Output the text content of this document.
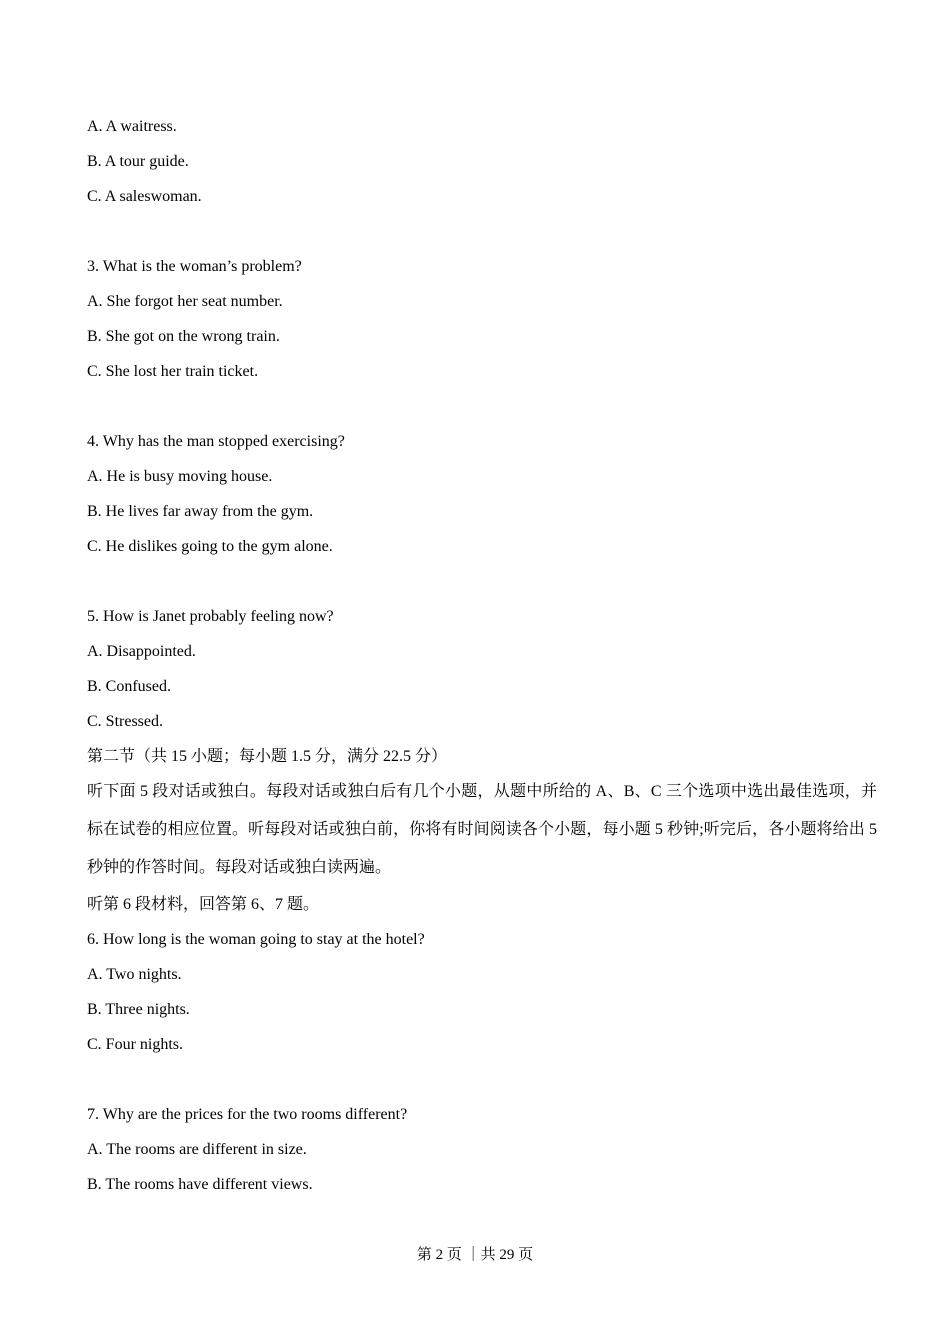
A. A waitress.
B. A tour guide.
C. A saleswoman.
3. What is the woman’s problem?
A. She forgot her seat number.
B. She got on the wrong train.
C. She lost her train ticket.
4. Why has the man stopped exercising?
A. He is busy moving house.
B. He lives far away from the gym.
C. He dislikes going to the gym alone.
5. How is Janet probably feeling now?
A. Disappointed.
B. Confused.
C. Stressed.
第二节（共 15 小题；每小题 1.5 分，满分 22.5 分）
听下面 5 段对话或独白。每段对话或独白后有几个小题，从题中所给的 A、B、C 三个选项中选出最佳选项，并标在试卷的相应位置。听每段对话或独白前，你将有时间阅读各个小题，每小题 5 秒钟;听完后，各小题将给出 5 秒钟的作答时间。每段对话或独白读两遍。
听第 6 段材料，回答第 6、7 题。
6. How long is the woman going to stay at the hotel?
A. Two nights.
B. Three nights.
C. Four nights.
7. Why are the prices for the two rooms different?
A. The rooms are different in size.
B. The rooms have different views.
第 2 页 ｜共 29 页
